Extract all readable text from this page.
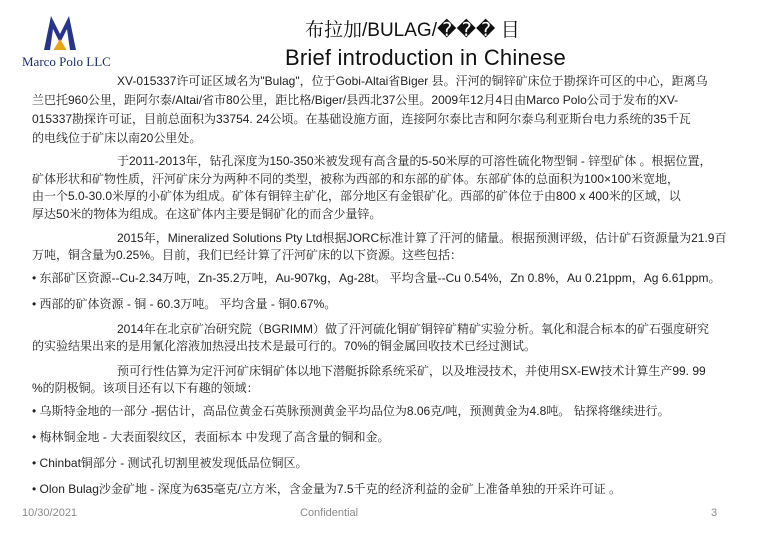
Marco Polo LLC
布拉加/BULAG/��� 目
Brief introduction in Chinese
XV-015337许可证区域名为"Bulag"，位于Gobi-Altai省Biger 县。汗河的铜锌矿床位于勘探许可区的中心，距离乌
兰巴托960公里，距阿尔泰/Altai/省市80公里，距比格/Biger/县西北37公里。2009年12月4日由Marco Polo公司于发布的XV-
015337勘探许可证，目前总面积为33754. 24公顷。在基础设施方面，连接阿尔泰比吉和阿尔泰乌利亚斯台电力系统的35千瓦
的电线位于矿床以南20公里处。
于2011-2013年，钻孔深度为150-350米被发现有高含量的5-50米厚的可溶性硫化物型铜 - 锌型矿体 。根据位置，
矿体形状和矿物性质，汗河矿床分为两种不同的类型，被称为西部的和东部的矿体。东部矿体的总面积为100×100米宽地，
由一个5.0-30.0米厚的小矿体为组成。矿体有铜锌主矿化，部分地区有金银矿化。西部的矿体位于由800 x 400米的区域，以
厚达50米的物体为组成。在这矿体内主要是铜矿化的而含少量锌。
2015年，Mineralized Solutions Pty Ltd根据JORC标准计算了汗河的储量。根据预测评级，估计矿石资源量为21.9百
万吨，铜含量为0.25%。目前，我们已经计算了汗河矿床的以下资源。这些包括：
• 东部矿区资源--Cu-2.34万吨，Zn-35.2万吨，Au-907kg，Ag-28t。 平均含量--Cu 0.54%，Zn 0.8%，Au 0.21ppm，Ag 6.61ppm。
• 西部的矿体资源 - 铜 - 60.3万吨。 平均含量 - 铜0.67%。
2014年在北京矿冶研究院（BGRIMM）做了汗河硫化铜矿铜锌矿精矿实验分析。氧化和混合标本的矿石强度研究
的实验结果出来的是用氰化溶液加热浸出技术是最可行的。70%的铜金属回收技术已经过测试。
预可行性估算为定汗河矿床铜矿体以地下潜艇拆除系统采矿，以及堆浸技术，并使用SX-EW技术计算生产99. 99
%的阴极铜。该项目还有以下有趣的领域：
• 乌斯特金地的一部分 -据估计，高品位黄金石英脉预测黄金平均品位为8.06克/吨，预测黄金为4.8吨。 钻探将继续进行。
• 梅林铜金地 - 大表面裂纹区，表面标本 中发现了高含量的铜和金。
• Chinbat铜部分 - 测试孔切割里被发现低品位铜区。
• Olon Bulag沙金矿地 - 深度为635毫克/立方米，含金量为7.5千克的经济利益的金矿上准备单独的开采许可证 。
10/30/2021	Confidential	3
